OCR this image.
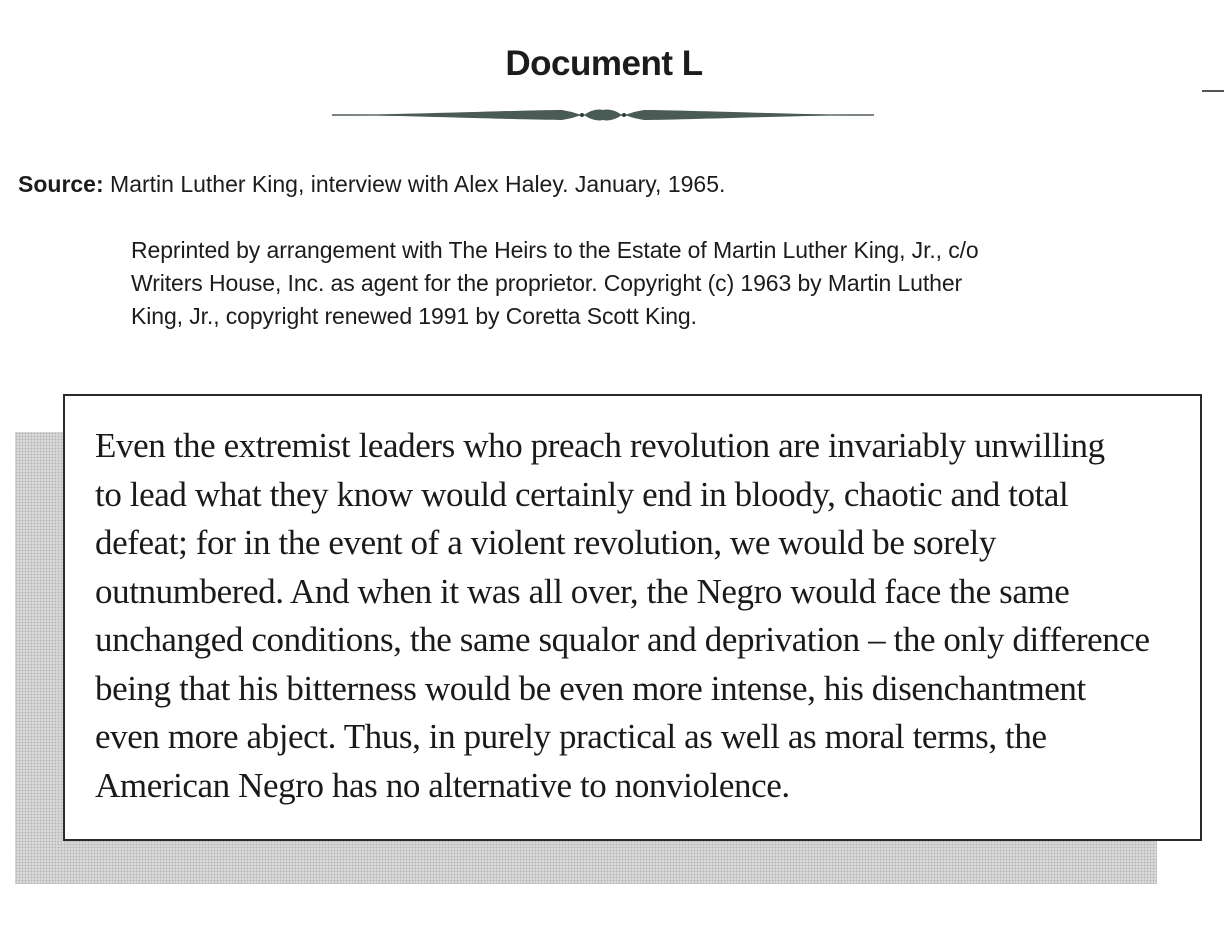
Document L
Source: Martin Luther King, interview with Alex Haley. January, 1965.
Reprinted by arrangement with The Heirs to the Estate of Martin Luther King, Jr., c/o
Writers House, Inc. as agent for the proprietor. Copyright (c) 1963 by Martin Luther
King, Jr., copyright renewed 1991 by Coretta Scott King.
Even the extremist leaders who preach revolution are invariably unwilling
to lead what they know would certainly end in bloody, chaotic and total
defeat; for in the event of a violent revolution, we would be sorely
outnumbered. And when it was all over, the Negro would face the same
unchanged conditions, the same squalor and deprivation – the only difference
being that his bitterness would be even more intense, his disenchantment
even more abject. Thus, in purely practical as well as moral terms, the
American Negro has no alternative to nonviolence.
